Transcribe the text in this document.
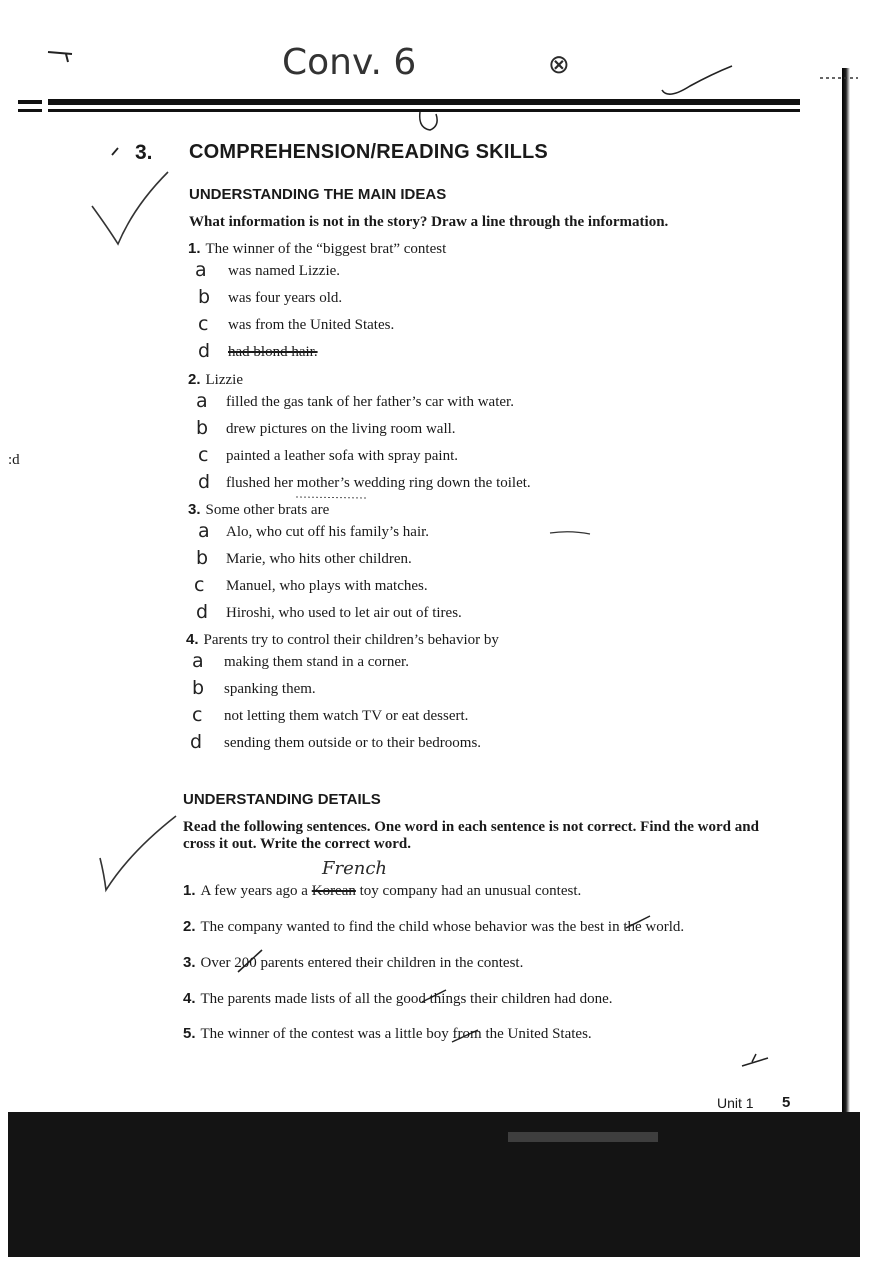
Conv. 6	⊗
:d
3. COMPREHENSION/READING SKILLS
UNDERSTANDING THE MAIN IDEAS
What information is not in the story? Draw a line through the information.
1. The winner of the “biggest brat” contest
a was named Lizzie.
b was four years old.
c was from the United States.
d had blond hair.
2. Lizzie
a filled the gas tank of her father’s car with water.
b drew pictures on the living room wall.
c painted a leather sofa with spray paint.
d flushed her mother’s wedding ring down the toilet.
3. Some other brats are
a Alo, who cut off his family’s hair.
b Marie, who hits other children.
c Manuel, who plays with matches.
d Hiroshi, who used to let air out of tires.
4. Parents try to control their children’s behavior by
a making them stand in a corner.
b spanking them.
c not letting them watch TV or eat dessert.
d sending them outside or to their bedrooms.
UNDERSTANDING DETAILS
Read the following sentences. One word in each sentence is not correct. Find the word and cross it out. Write the correct word.
French
1. A few years ago a Korean toy company had an unusual contest.
2. The company wanted to find the child whose behavior was the best in the world.
3. Over 200 parents entered their children in the contest.
4. The parents made lists of all the good things their children had done.
5. The winner of the contest was a little boy from the United States.
Unit 1 5
